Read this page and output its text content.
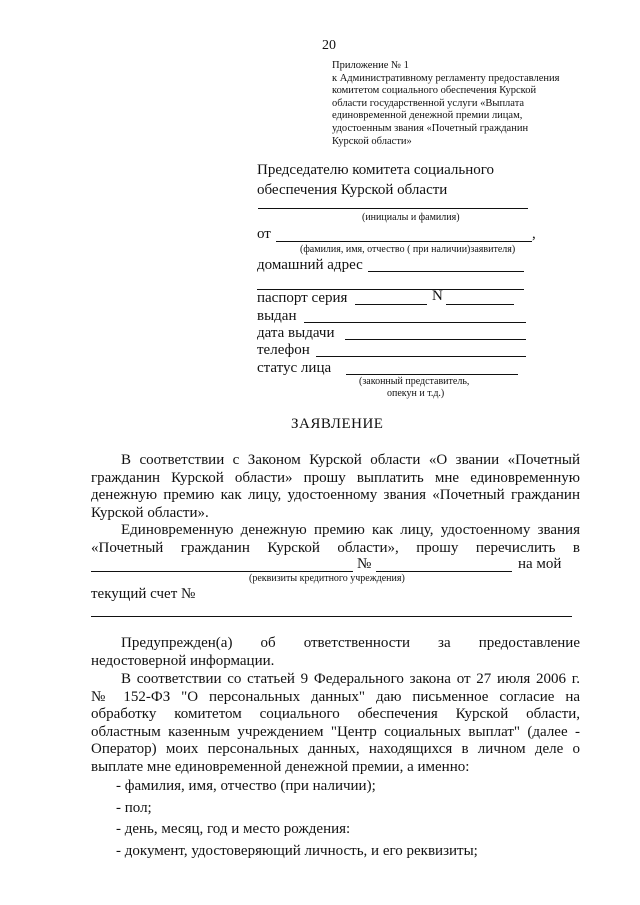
20
Приложение № 1
к Административному регламенту предоставления
комитетом социального обеспечения Курской
области государственной услуги «Выплата
единовременной денежной премии лицам,
удостоенным звания «Почетный гражданин
Курской области»
Председателю комитета социального
обеспечения Курской области
(инициалы и фамилия)
от	,
(фамилия, имя, отчество ( при наличии)заявителя)
домашний адрес
паспорт серия	N
выдан
дата выдачи
телефон
статус лица
(законный представитель,
опекун и т.д.)
ЗАЯВЛЕНИЕ
В соответствии с Законом Курской области «О звании «Почетный
гражданин Курской области» прошу выплатить мне единовременную
денежную премию как лицу, удостоенному звания «Почетный гражданин
Курской области».
Единовременную денежную премию как лицу, удостоенному звания
«Почетный гражданин Курской области», прошу перечислить в
№	на мой
(реквизиты кредитного учреждения)
текущий счет №
Предупрежден(а) об ответственности за предоставление
недостоверной информации.
В соответствии со статьей 9 Федерального закона от 27 июля 2006 г.
№ 152-ФЗ "О персональных данных" даю письменное согласие на
обработку комитетом социального обеспечения Курской области,
областным казенным учреждением "Центр социальных выплат" (далее -
Оператор) моих персональных данных, находящихся в личном деле о
выплате мне единовременной денежной премии, а именно:
- фамилия, имя, отчество (при наличии);
- пол;
- день, месяц, год и место рождения:
- документ, удостоверяющий личность, и его реквизиты;
